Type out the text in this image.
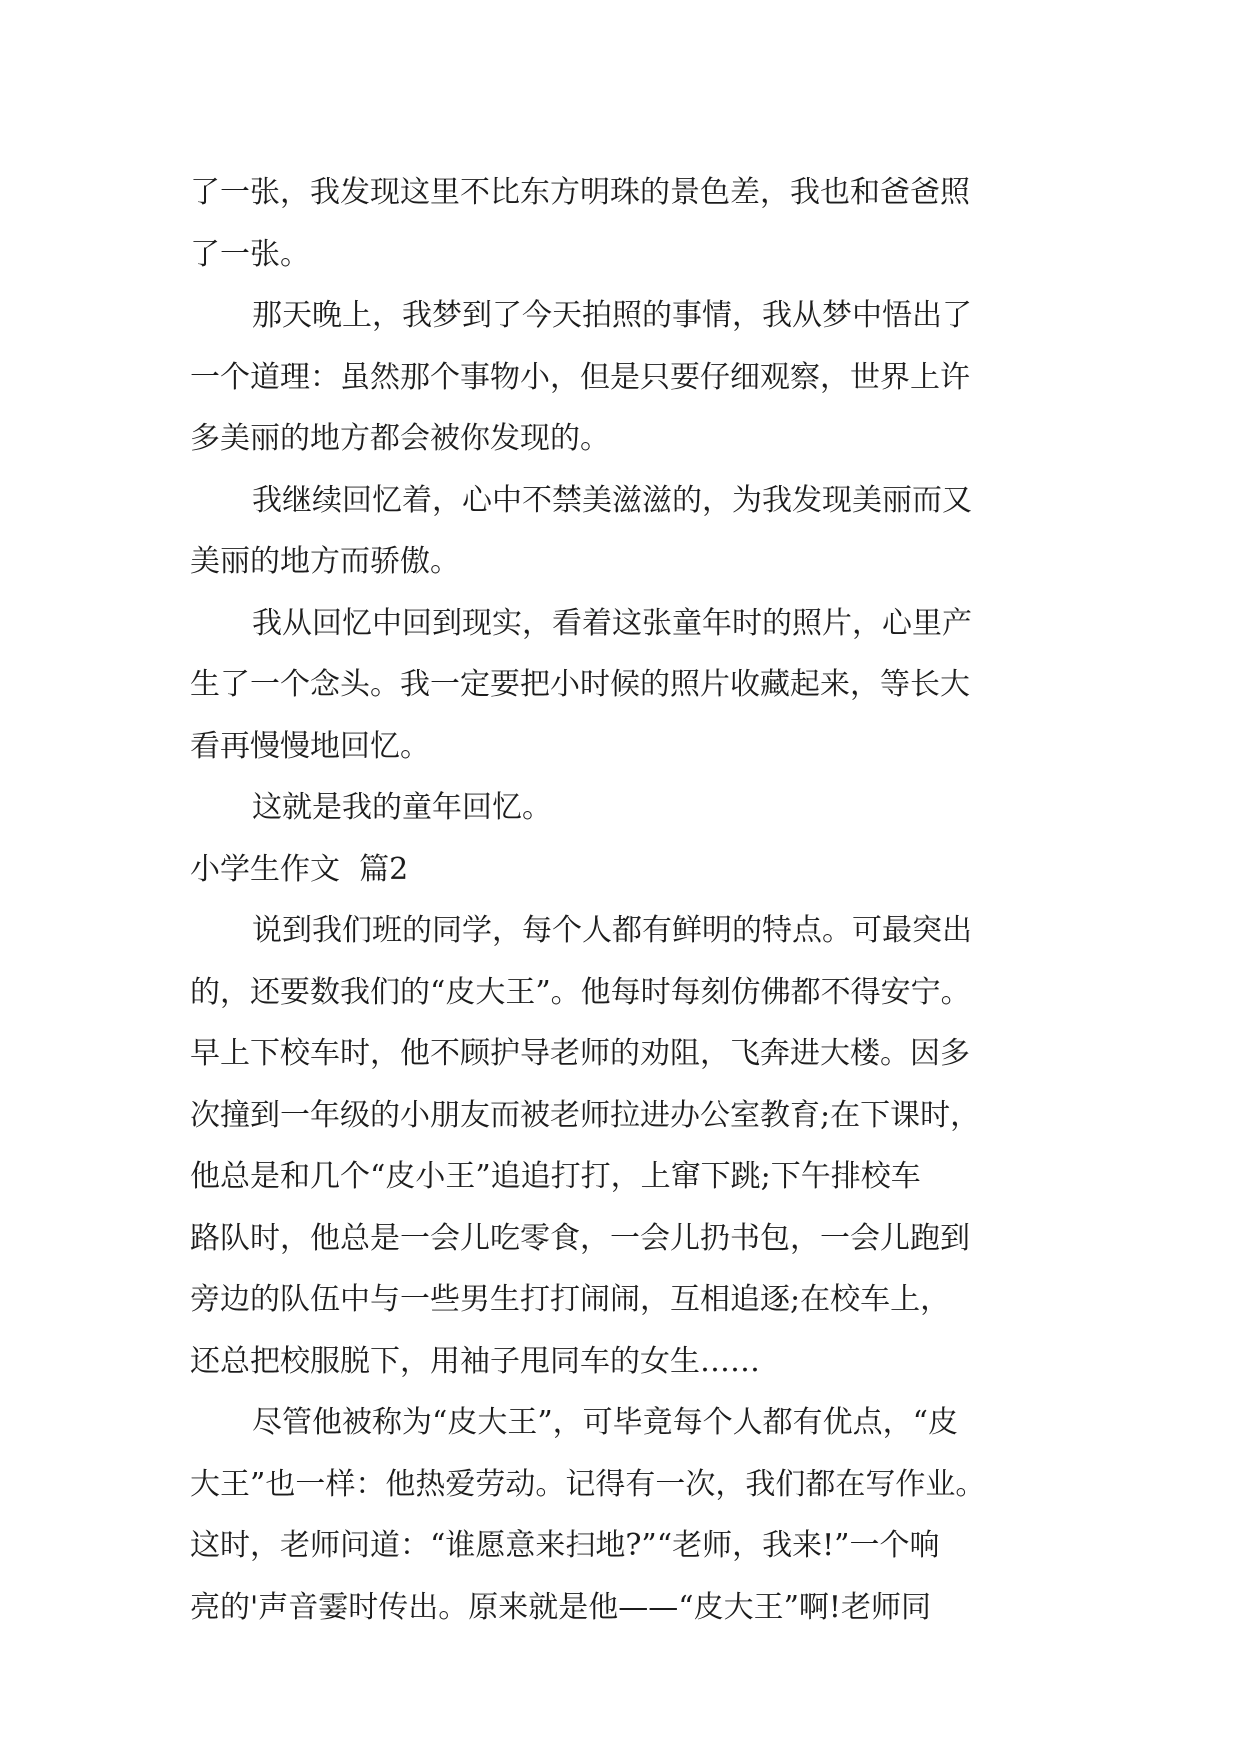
了一张，我发现这里不比东方明珠的景色差，我也和爸爸照
了一张。
那天晚上，我梦到了今天拍照的事情，我从梦中悟出了
一个道理：虽然那个事物小，但是只要仔细观察，世界上许
多美丽的地方都会被你发现的。
我继续回忆着，心中不禁美滋滋的，为我发现美丽而又
美丽的地方而骄傲。
我从回忆中回到现实，看着这张童年时的照片，心里产
生了一个念头。我一定要把小时候的照片收藏起来，等长大
看再慢慢地回忆。
这就是我的童年回忆。
小学生作文  篇2
说到我们班的同学，每个人都有鲜明的特点。可最突出
的，还要数我们的“皮大王”。他每时每刻仿佛都不得安宁。
早上下校车时，他不顾护导老师的劝阻，飞奔进大楼。因多
次撞到一年级的小朋友而被老师拉进办公室教育;在下课时，
他总是和几个“皮小王”追追打打，上窜下跳;下午排校车
路队时，他总是一会儿吃零食，一会儿扔书包，一会儿跑到
旁边的队伍中与一些男生打打闹闹，互相追逐;在校车上，
还总把校服脱下，用袖子甩同车的女生……
尽管他被称为“皮大王”，可毕竟每个人都有优点，“皮
大王”也一样：他热爱劳动。记得有一次，我们都在写作业。
这时，老师问道：“谁愿意来扫地?”“老师，我来!”一个响
亮的'声音霎时传出。原来就是他——“皮大王”啊!老师同
